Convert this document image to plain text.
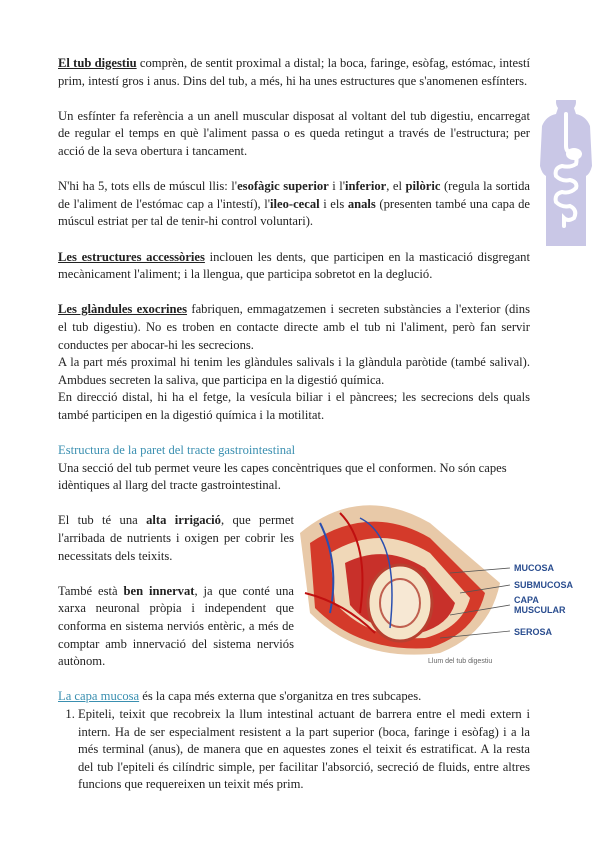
MUCOSA
SUBMUCOSA
CAPA MUSCULAR
SEROSA
Llum del tub digestiu

El tub digestiu comprèn, de sentit proximal a distal; la boca, faringe, esòfag, estómac, intestí prim, intestí gros i anus. Dins del tub, a més, hi ha unes estructures que s'anomenen esfínters.

Un esfínter fa referència a un anell muscular disposat al voltant del tub digestiu, encarregat de regular el temps en què l'aliment passa o es queda retingut a través de l'estructura; per acció de la seva obertura i tancament.

N'hi ha 5, tots ells de múscul llis: l'esofàgic superior i l'inferior, el pilòric (regula la sortida de l'aliment de l'estómac cap a l'intestí), l'ileo-cecal i els anals (presenten també una capa de múscul estriat per tal de tenir-hi control voluntari).

Les estructures accessòries inclouen les dents, que participen en la masticació disgregant mecànicament l'aliment; i la llengua, que participa sobretot en la deglució.

Les glàndules exocrines fabriquen, emmagatzemen i secreten substàncies a l'exterior (dins el tub digestiu). No es troben en contacte directe amb el tub ni l'aliment, però fan servir conductes per abocar-hi les secrecions.

A la part més proximal hi tenim les glàndules salivals i la glàndula paròtide (també salival). Ambdues secreten la saliva, que participa en la digestió química.

En direcció distal, hi ha el fetge, la vesícula biliar i el pàncrees; les secrecions dels quals també participen en la digestió química i la motilitat.

Estructura de la paret del tracte gastrointestinal

Una secció del tub permet veure les capes concèntriques que el conformen. No són capes

idèntiques al llarg del tracte gastrointestinal.

El tub té una alta irrigació, que permet l'arribada de nutrients i oxigen per cobrir les necessitats dels teixits.

També està ben innervat, ja que conté una xarxa neuronal pròpia i independent que conforma en sistema nerviós entèric, a més de comptar amb innervació del sistema nerviós autònom.

La capa mucosa és la capa més externa que s'organitza en tres subcapes.

1. Epiteli, teixit que recobreix la llum intestinal actuant de barrera entre el medi extern i intern. Ha de ser especialment resistent a la part superior (boca, faringe i esòfag) i a la més terminal (anus), de manera que en aquestes zones el teixit és estratificat. A la resta del tub l'epiteli és cilíndric simple, per facilitar l'absorció, secreció de fluids, entre altres funcions que requereixen un teixit més prim.
